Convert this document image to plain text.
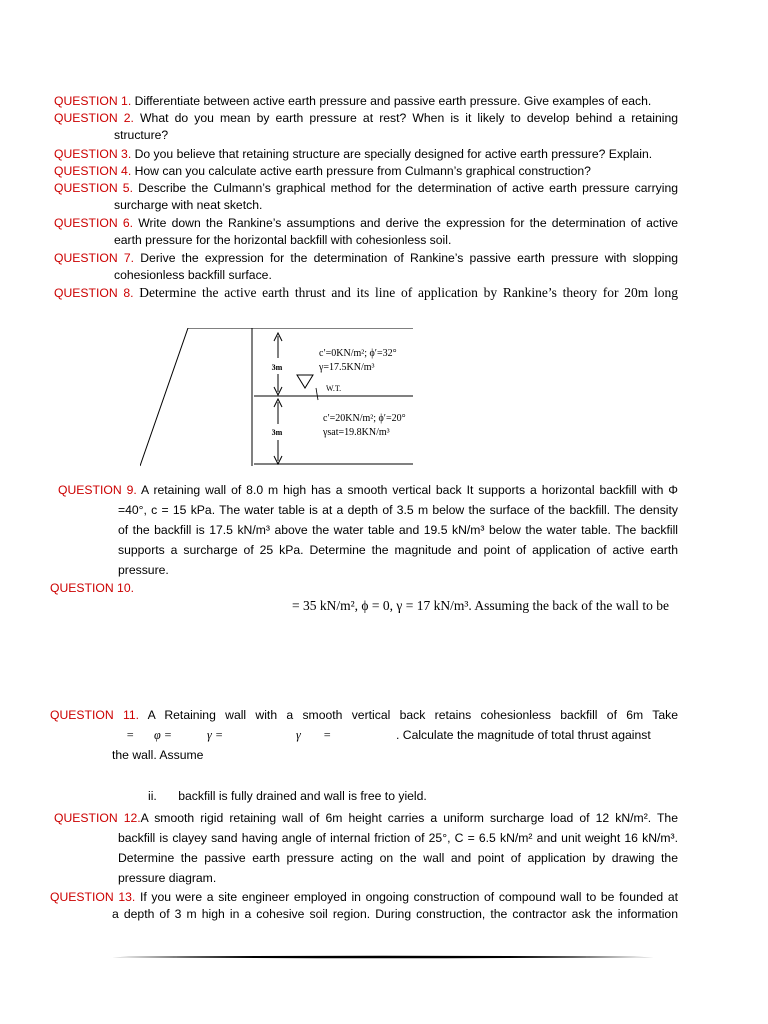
QUESTION 1. Differentiate between active earth pressure and passive earth pressure. Give examples of each.
QUESTION 2. What do you mean by earth pressure at rest? When is it likely to develop behind a retaining
structure?
QUESTION 3. Do you believe that retaining structure are specially designed for active earth pressure? Explain.
QUESTION 4. How can you calculate active earth pressure from Culmann’s graphical construction?
QUESTION 5. Describe the Culmann’s graphical method for the determination of active earth pressure carrying
surcharge with neat sketch.
QUESTION 6. Write down the Rankine’s assumptions and derive the expression for the determination of active
earth pressure for the horizontal backfill with cohesionless soil.
QUESTION 7. Derive the expression for the determination of Rankine’s passive earth pressure with slopping
cohesionless backfill surface.
QUESTION 8. Determine the active earth thrust and its line of application by Rankine’s theory for 20m long
3m
3m
W.T.
c′=0KN/m²; ϕ′=32°
γ=17.5KN/m³
c′=20KN/m²; ϕ′=20°
γsat=19.8KN/m³
QUESTION 9. A retaining wall of 8.0 m high has a smooth vertical back It supports a horizontal backfill with Φ
=40°, c = 15 kPa. The water table is at a depth of 3.5 m below the surface of the backfill. The density
of the backfill is 17.5 kN/m³ above the water table and 19.5 kN/m³ below the water table. The backfill
supports a surcharge of 25 kPa. Determine the magnitude and point of application of active earth
pressure.
QUESTION 10.
= 35 kN/m², ϕ = 0, γ = 17 kN/m³. Assuming the back of the wall to be
QUESTION 11. A Retaining wall with a smooth vertical back retains cohesionless backfill of 6m Take
= φ =	γ =	γ =	. Calculate the magnitude of total thrust against
the wall. Assume
ii. backfill is fully drained and wall is free to yield.
QUESTION 12.A smooth rigid retaining wall of 6m height carries a uniform surcharge load of 12 kN/m². The
backfill is clayey sand having angle of internal friction of 25°, C = 6.5 kN/m² and unit weight 16 kN/m³.
Determine the passive earth pressure acting on the wall and point of application by drawing the
pressure diagram.
QUESTION 13. If you were a site engineer employed in ongoing construction of compound wall to be founded at
a depth of 3 m high in a cohesive soil region. During construction, the contractor ask the information
